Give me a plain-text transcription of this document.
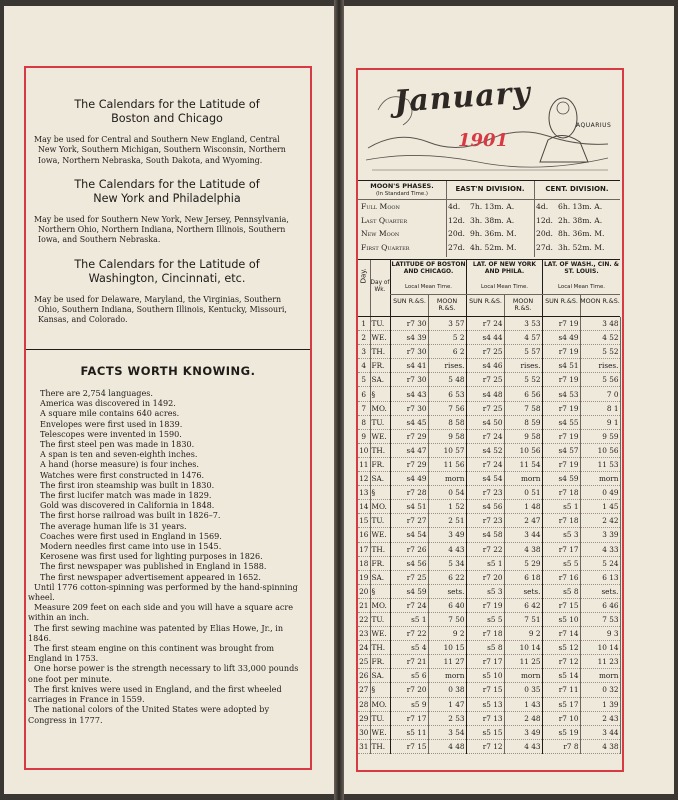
The Calendars for the Latitude of

Boston and Chicago

May be used for Central and Southern New England, Central New York, Southern Michigan, Southern Wisconsin, Northern Iowa, Northern Nebraska, South Dakota, and Wyoming.

The Calendars for the Latitude of

New York and Philadelphia

May be used for Southern New York, New Jersey, Pennsylvania, Northern Ohio, Northern Indiana, Northern Illinois, Southern Iowa, and Southern Nebraska.

The Calendars for the Latitude of

Washington, Cincinnati, etc.

May be used for Delaware, Maryland, the Virginias, Southern Ohio, Southern Indiana, Southern Illinois, Kentucky, Missouri, Kansas, and Colorado.

FACTS WORTH KNOWING.

There are 2,754 languages.

America was discovered in 1492.

A square mile contains 640 acres.

Envelopes were first used in 1839.

Telescopes were invented in 1590.

The first steel pen was made in 1830.

A span is ten and seven-eighth inches.

A hand (horse measure) is four inches.

Watches were first constructed in 1476.

The first iron steamship was built in 1830.

The first lucifer match was made in 1829.

Gold was discovered in California in 1848.

The first horse railroad was built in 1826–7.

The average human life is 31 years.

Coaches were first used in England in 1569.

Modern needles first came into use in 1545.

Kerosene was first used for lighting purposes in 1826.

The first newspaper was published in England in 1588.

The first newspaper advertisement appeared in 1652.

Until 1776 cotton-spinning was performed by the hand-spinning wheel.

Measure 209 feet on each side and you will have a square acre within an inch.

The first sewing machine was patented by Elias Howe, Jr., in 1846.

The first steam engine on this continent was brought from England in 1753.

One horse power is the strength necessary to lift 33,000 pounds one foot per minute.

The first knives were used in England, and the first wheeled carriages in France in 1559.

The national colors of the United States were adopted by Congress in 1777.

January
1901
AQUARIUS
MOON'S PHASES.
(In Standard Time.)
EAST'N DIVISION.	CENT. DIVISION.
Full Moon	4d.	7h. 13m. A.	4d.	6h. 13m. A.
Last Quarter	12d. 3h. 38m. A.	12d. 2h. 38m. A.
New Moon	20d. 9h. 36m. M.	20d. 8h. 36m. M.
First Quarter	27d. 4h. 52m. M.	27d. 3h. 52m. M.
Day. Day of Wk.
LATITUDE OF BOSTON AND CHICAGO.
Local Mean Time.
LAT. OF NEW YORK AND PHILA.
Local Mean Time.
LAT. OF WASH., CIN. & ST. LOUIS.
Local Mean Time.
SUN R.&S.	MOON R.&S.
SUN R.&S.	MOON R.&S.
SUN R.&S. MOON R.&S.
1	TU.	r7 30	3 57	r7 24	3 53	r7 19	3 48
2	WE.	s4 39	5 2	s4 44	4 57	s4 49	4 52
3	TH.	r7 30	6 2	r7 25	5 57	r7 19	5 52
4	FR.	s4 41	rises.	s4 46	rises.	s4 51	rises.
5	SA.	r7 30	5 48	r7 25	5 52	r7 19	5 56
6	§	s4 43	6 53	s4 48	6 56	s4 53	7 0
7	MO.	r7 30	7 56	r7 25	7 58	r7 19	8 1
8	TU.	s4 45	8 58	s4 50	8 59	s4 55	9 1
9	WE.	r7 29	9 58	r7 24	9 58	r7 19	9 59
10	TH.	s4 47	10 57	s4 52	10 56	s4 57	10 56
11	FR.	r7 29	11 56	r7 24	11 54	r7 19	11 53
12	SA.	s4 49	morn	s4 54	morn	s4 59	morn
13	§	r7 28	0 54	r7 23	0 51	r7 18	0 49
14	MO.	s4 51	1 52	s4 56	1 48	s5 1	1 45
15	TU.	r7 27	2 51	r7 23	2 47	r7 18	2 42
16	WE.	s4 54	3 49	s4 58	3 44	s5 3	3 39
17	TH.	r7 26	4 43	r7 22	4 38	r7 17	4 33
18	FR.	s4 56	5 34	s5 1	5 29	s5 5	5 24
19	SA.	r7 25	6 22	r7 20	6 18	r7 16	6 13
20	§	s4 59	sets.	s5 3	sets.	s5 8	sets.
21	MO.	r7 24	6 40	r7 19	6 42	r7 15	6 46
22	TU.	s5 1	7 50	s5 5	7 51	s5 10	7 53
23	WE.	r7 22	9 2	r7 18	9 2	r7 14	9 3
24	TH.	s5 4	10 15	s5 8	10 14	s5 12	10 14
25	FR.	r7 21	11 27	r7 17	11 25	r7 12	11 23
26	SA.	s5 6	morn	s5 10	morn	s5 14	morn
27	§	r7 20	0 38	r7 15	0 35	r7 11	0 32
28	MO.	s5 9	1 47	s5 13	1 43	s5 17	1 39
29	TU.	r7 17	2 53	r7 13	2 48	r7 10	2 43
30	WE.	s5 11	3 54	s5 15	3 49	s5 19	3 44
31	TH.	r7 15	4 48	r7 12	4 43	r7 8	4 38
